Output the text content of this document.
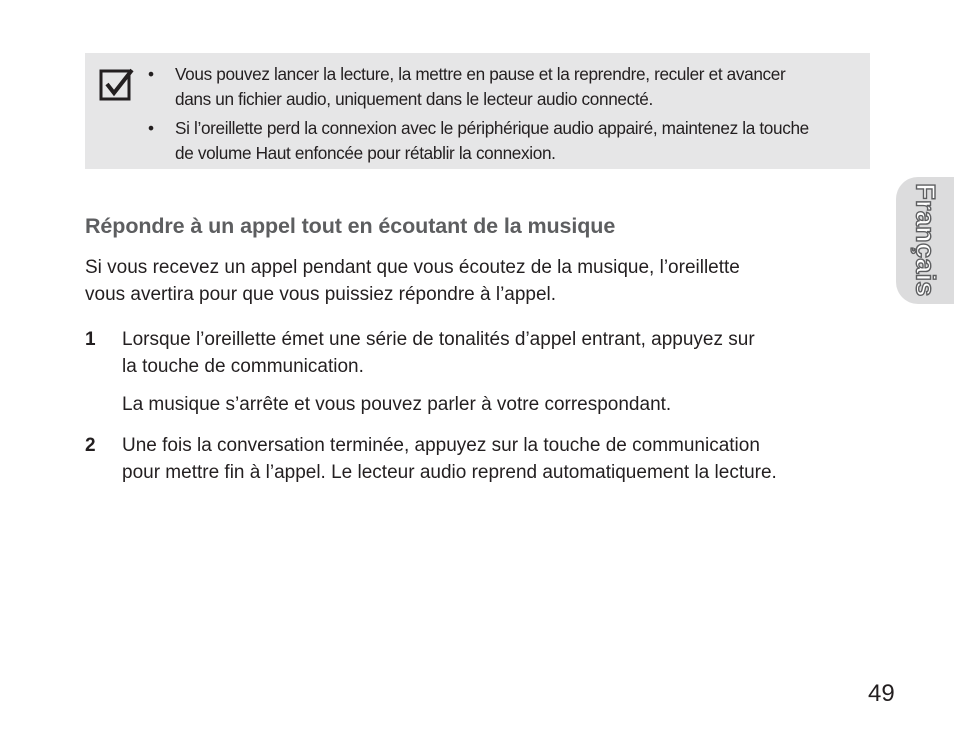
• Vous pouvez lancer la lecture, la mettre en pause et la reprendre, reculer et avancer
dans un fichier audio, uniquement dans le lecteur audio connecté.
• Si l’oreillette perd la connexion avec le périphérique audio appairé, maintenez la touche
de volume Haut enfoncée pour rétablir la connexion.
Répondre à un appel tout en écoutant de la musique

Si vous recevez un appel pendant que vous écoutez de la musique, l’oreillette
vous avertira pour que vous puissiez répondre à l’appel.

1 Lorsque l’oreillette émet une série de tonalités d’appel entrant, appuyez sur
la touche de communication.

La musique s’arrête et vous pouvez parler à votre correspondant.

2 Une fois la conversation terminée, appuyez sur la touche de communication
pour mettre fin à l’appel. Le lecteur audio reprend automatiquement la lecture.

Français
49
